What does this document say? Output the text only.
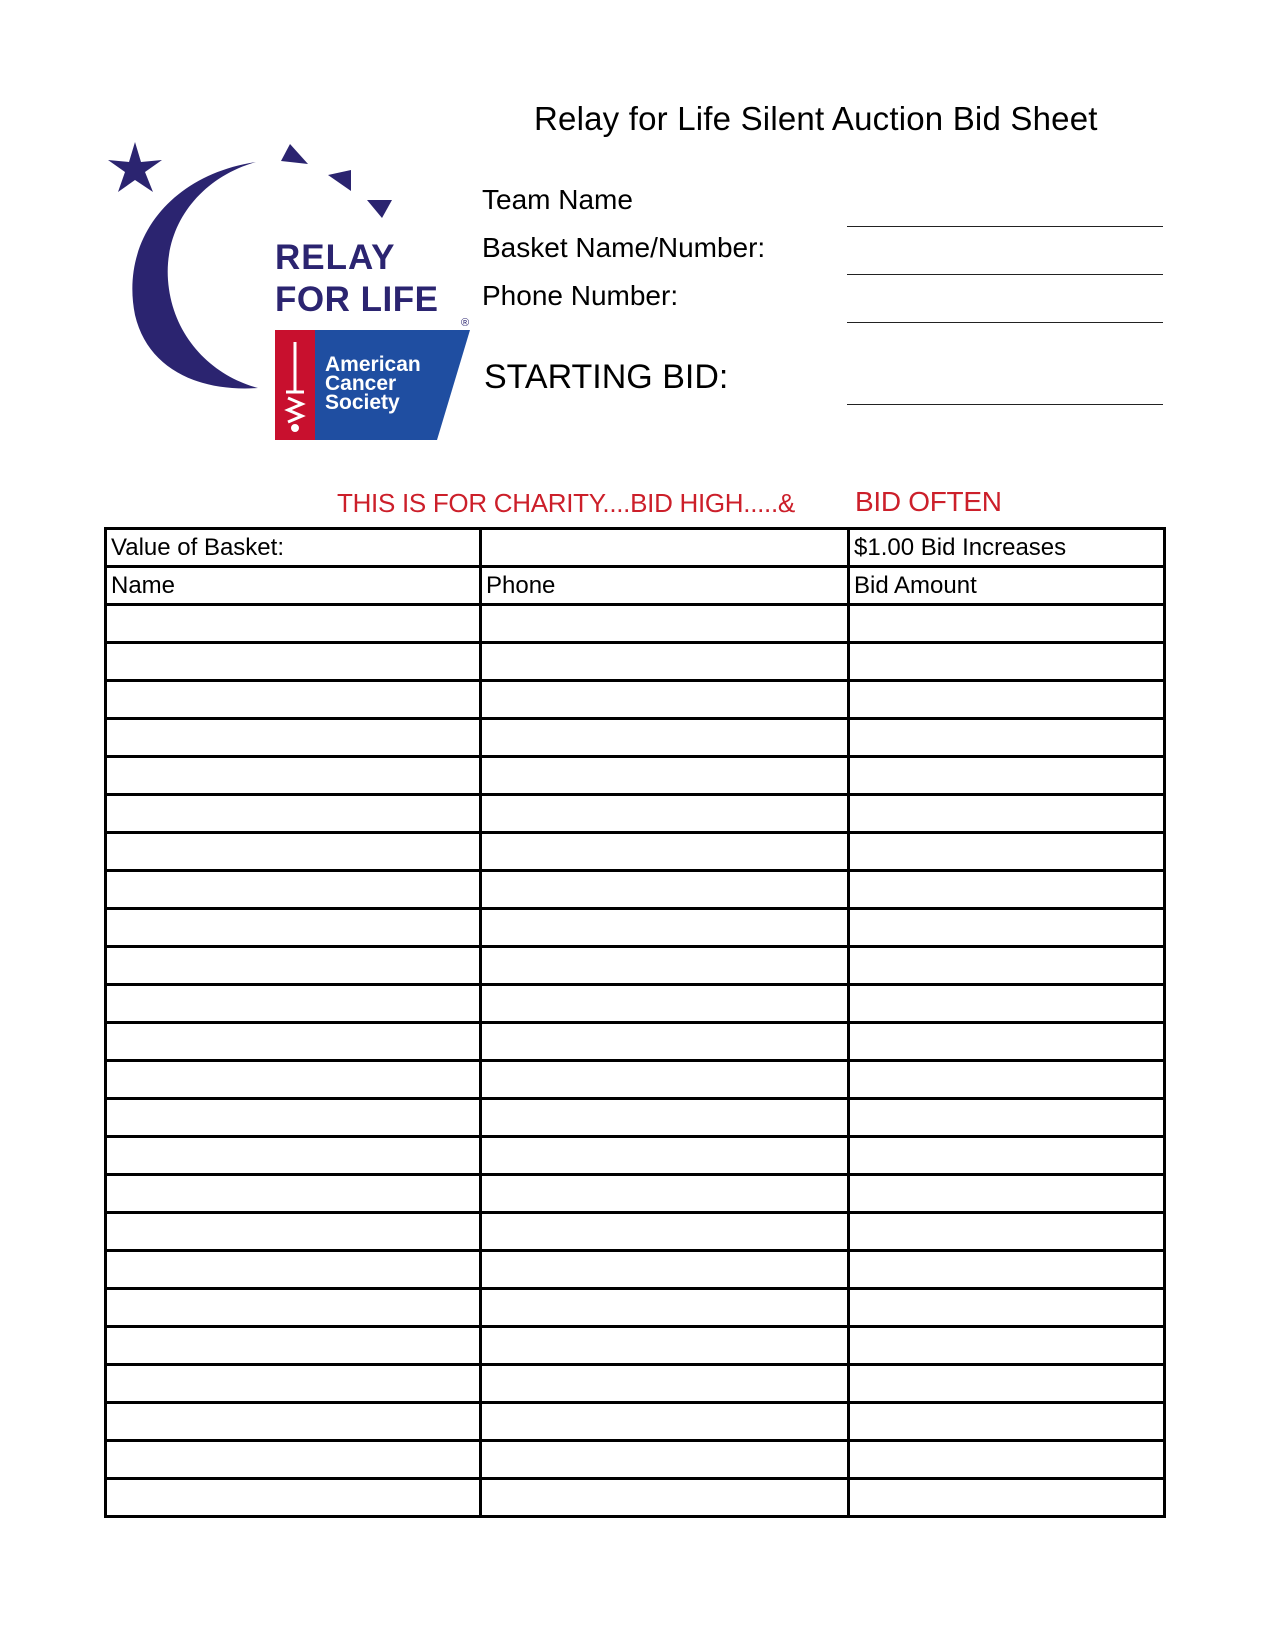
RELAY
FOR LIFE
®
American
Cancer
Society
Relay for Life Silent Auction Bid Sheet
Team Name
Basket Name/Number:
Phone Number:
STARTING BID:
THIS IS FOR CHARITY....BID HIGH.....& BID OFTEN
Value of Basket:		$1.00 Bid Increases
Name	Phone	Bid Amount
